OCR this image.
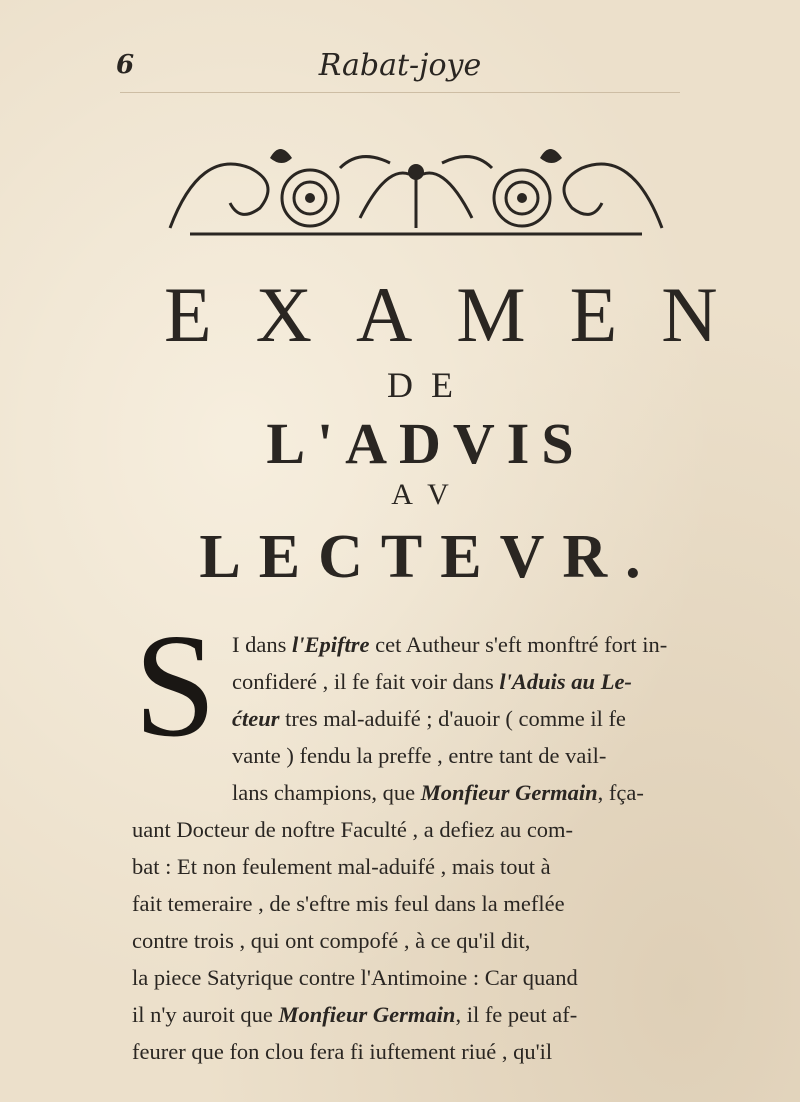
6	Rabat-joye
EXAMEN
DE
L'ADVIS
AV
LECTEVR.
S I dans l'Epiftre cet Autheur s'eft monftré fort in-
confideré , il fe fait voir dans l'Aduis au Le-
ćteur tres mal-aduifé ; d'auoir ( comme il fe
vante ) fendu la preffe , entre tant de vail-
lans champions, que Monfieur Germain, fça-
uant Docteur de noftre Faculté , a defiez au com-
bat : Et non feulement mal-aduifé , mais tout à
fait temeraire , de s'eftre mis feul dans la meflée
contre trois , qui ont compofé , à ce qu'il dit,
la piece Satyrique contre l'Antimoine : Car quand
il n'y auroit que Monfieur Germain, il fe peut af-
feurer que fon clou fera fi iuftement riué , qu'il
